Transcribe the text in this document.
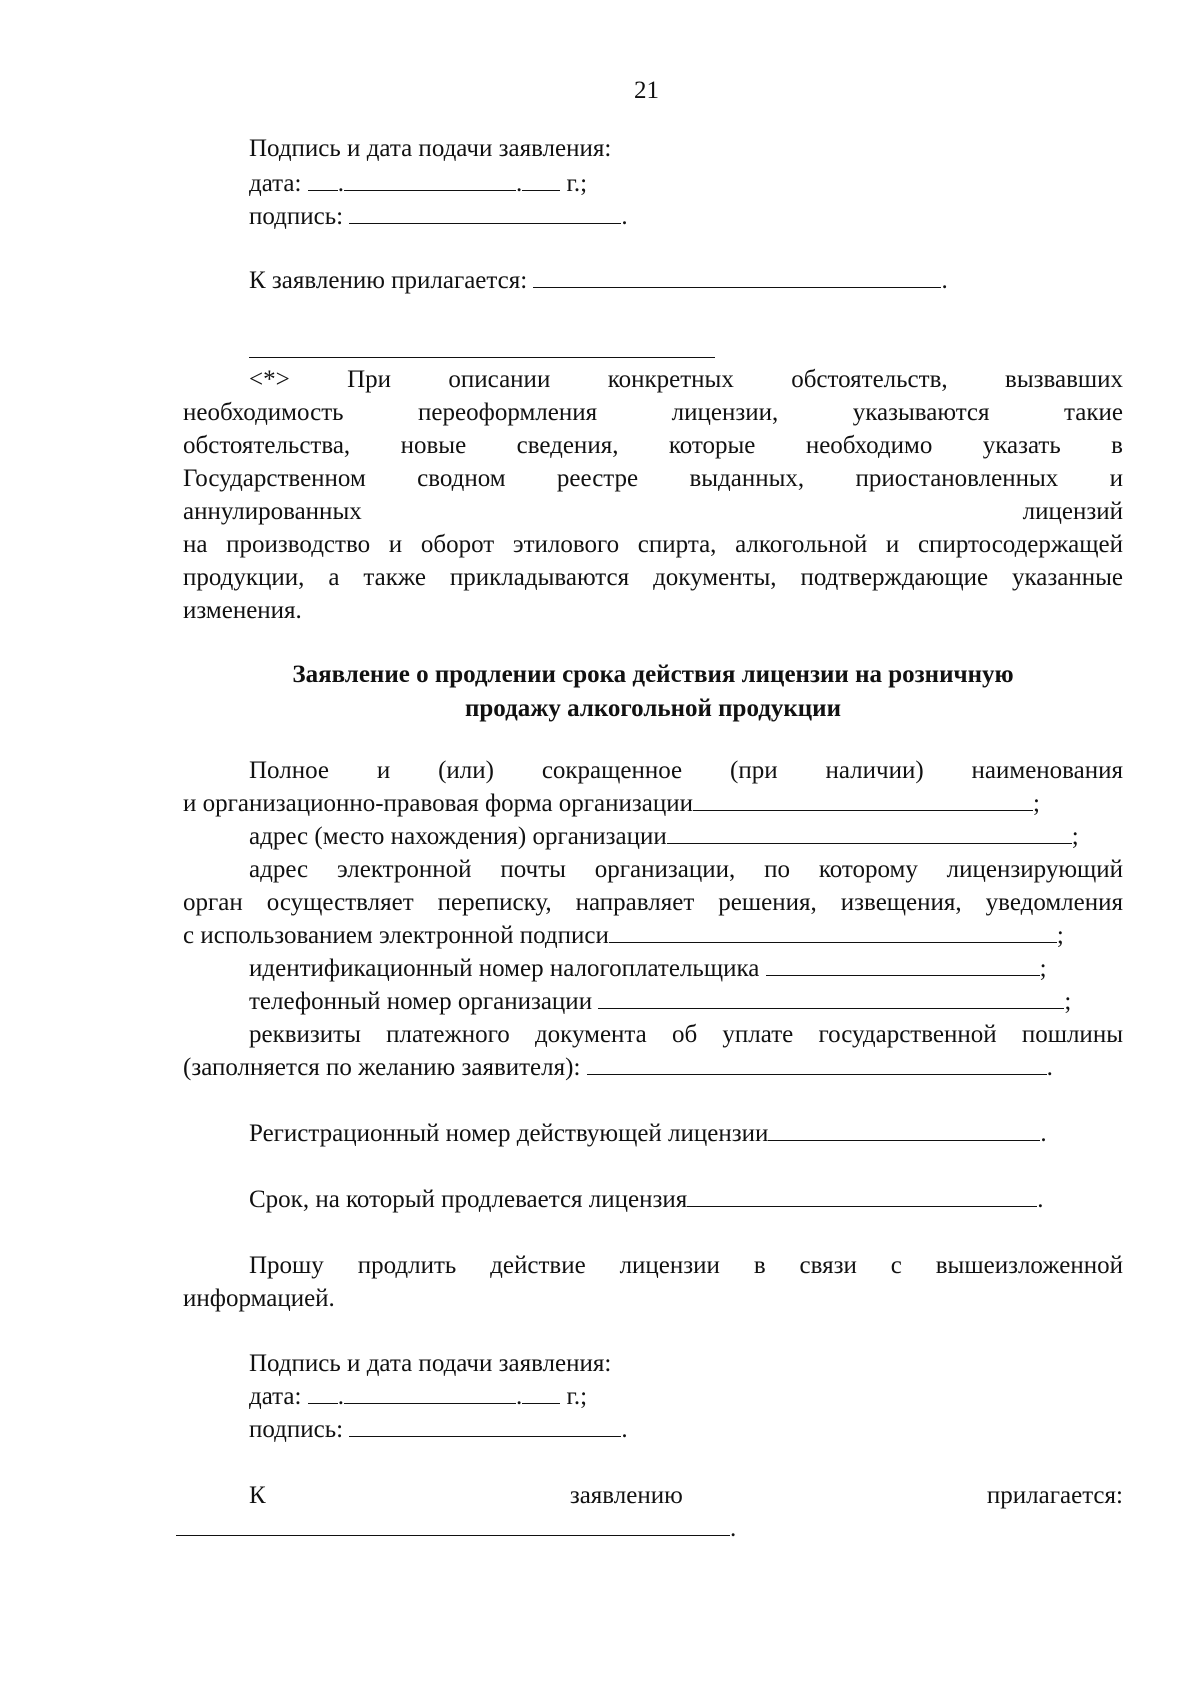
21
Подпись и дата подачи заявления:
дата: .	. г.;
подпись:	.
К заявлению прилагается:	.
<*> При описании конкретных обстоятельств, вызвавших
необходимость переоформления лицензии, указываются такие
обстоятельства, новые сведения, которые необходимо указать в
Государственном сводном реестре выданных, приостановленных и
аннулированных лицензий
на производство и оборот этилового спирта, алкогольной и спиртосодержащей
продукции, а также прикладываются документы, подтверждающие указанные
изменения.
Заявление о продлении срока действия лицензии на розничную
продажу алкогольной продукции
Полное и (или) сокращенное (при наличии) наименования
и организационно-правовая форма организации	;
адрес (место нахождения) организации	;
адрес электронной почты организации, по которому лицензирующий
орган осуществляет переписку, направляет решения, извещения, уведомления
с использованием электронной подписи	;
идентификационный номер налогоплательщика	;
телефонный номер организации	;
реквизиты платежного документа об уплате государственной пошлины
(заполняется по желанию заявителя):	.
Регистрационный номер действующей лицензии	.
Срок, на который продлевается лицензия	.
Прошу продлить действие лицензии в связи с вышеизложенной
информацией.
Подпись и дата подачи заявления:
дата: .	. г.;
подпись:	.
К	заявлению	прилагается:
.
